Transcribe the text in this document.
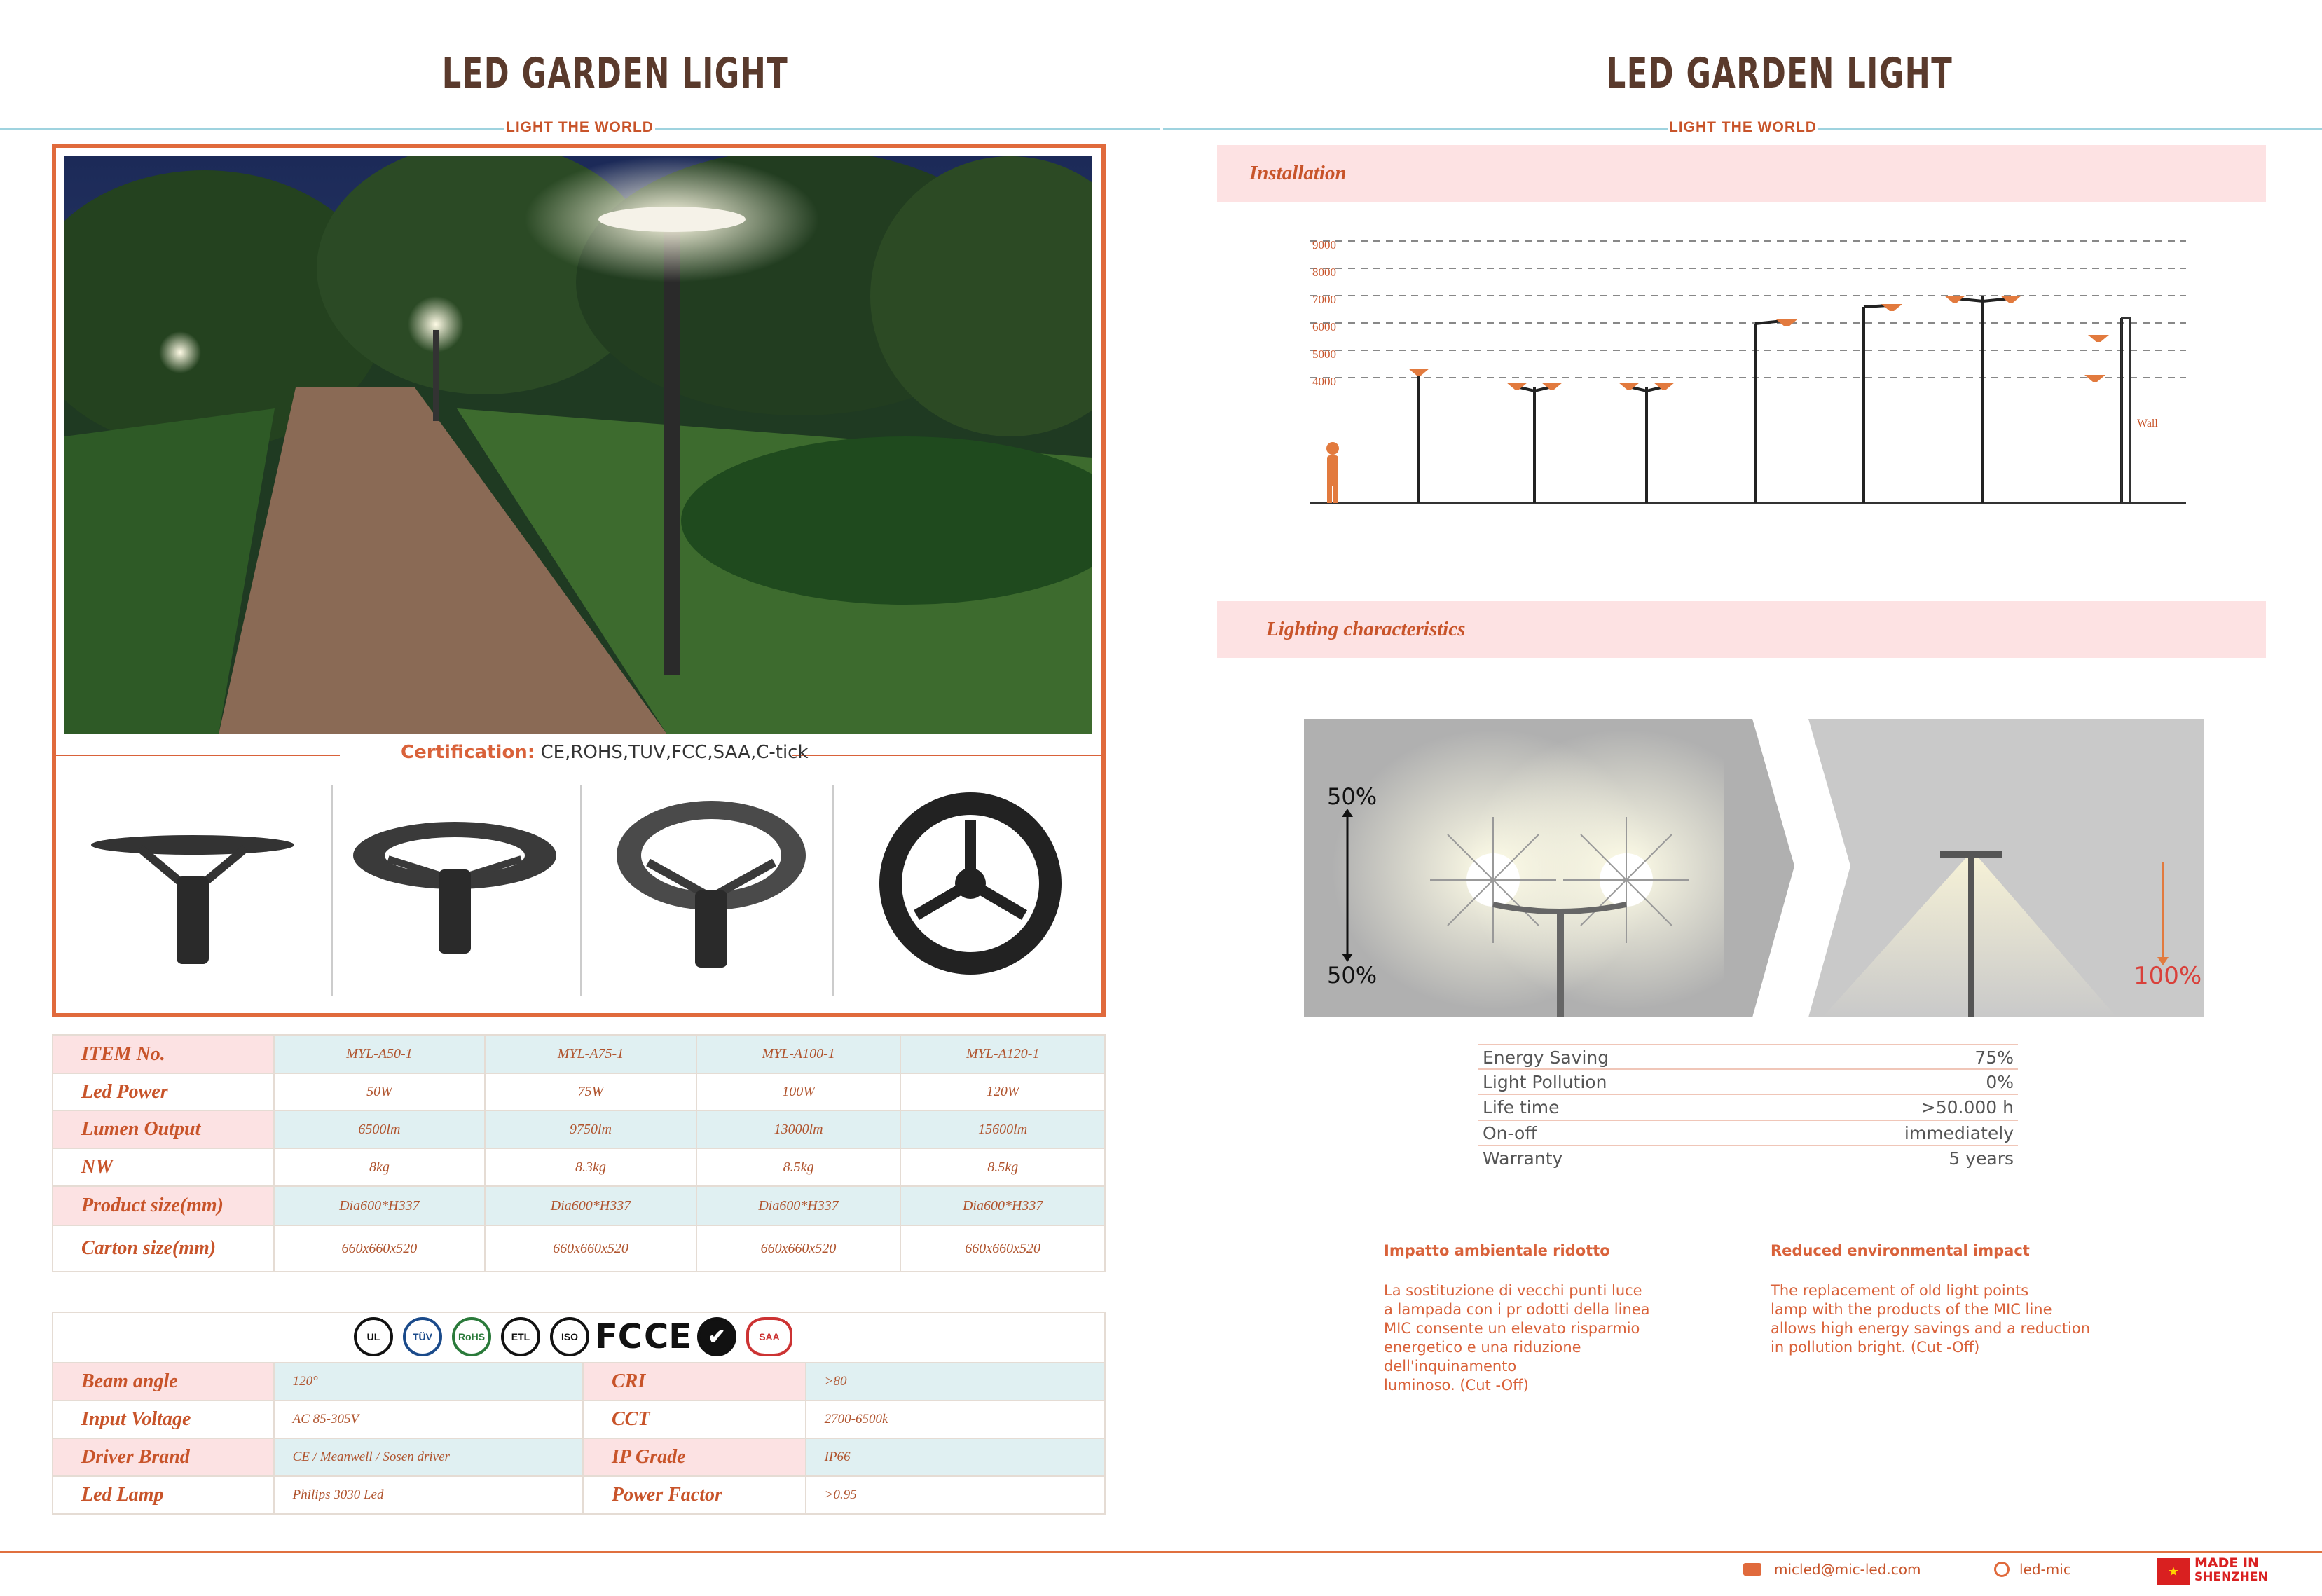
LED GARDEN LIGHT
LIGHT THE WORLD
Certification: CE,ROHS,TUV,FCC,SAA,C-tick
ITEM No.	MYL-A50-1	MYL-A75-1	MYL-A100-1	MYL-A120-1
Led Power	50W	75W	100W	120W
Lumen Output	6500lm	9750lm	13000lm	15600lm
NW	8kg	8.3kg	8.5kg	8.5kg
Product size(mm)	Dia600*H337	Dia600*H337	Dia600*H337	Dia600*H337
Carton size(mm)	660x660x520	660x660x520	660x660x520	660x660x520
UL	TÜV	RoHS	ETL	ISO FC CE ✔	SAA
Beam angle	120°	CRI	>80
Input Voltage	AC 85-305V	CCT	2700-6500k
Driver Brand	CE / Meanwell / Sosen driver	IP Grade	IP66
Led Lamp	Philips 3030 Led	Power Factor	>0.95
LED GARDEN LIGHT
LIGHT THE WORLD
Installation
9000
8000
7000
6000
5000
4000
Wall
Lighting characteristics
50%
50%	100%
Energy Saving	75%
Light Pollution	0%
Life time	>50.000 h
On-off	immediately
Warranty	5 years
Impatto ambientale ridotto
La sostituzione di vecchi punti luce
a lampada con i pr odotti della linea
MIC consente un elevato risparmio
energetico e una riduzione
dell'inquinamento
luminoso. (Cut -Off)
Reduced environmental impact
The replacement of old light points
lamp with the products of the MIC line
allows high energy savings and a reduction
in pollution bright. (Cut -Off)
micled@mic-led.com	led-mic	★
MADE IN
SHENZHEN
